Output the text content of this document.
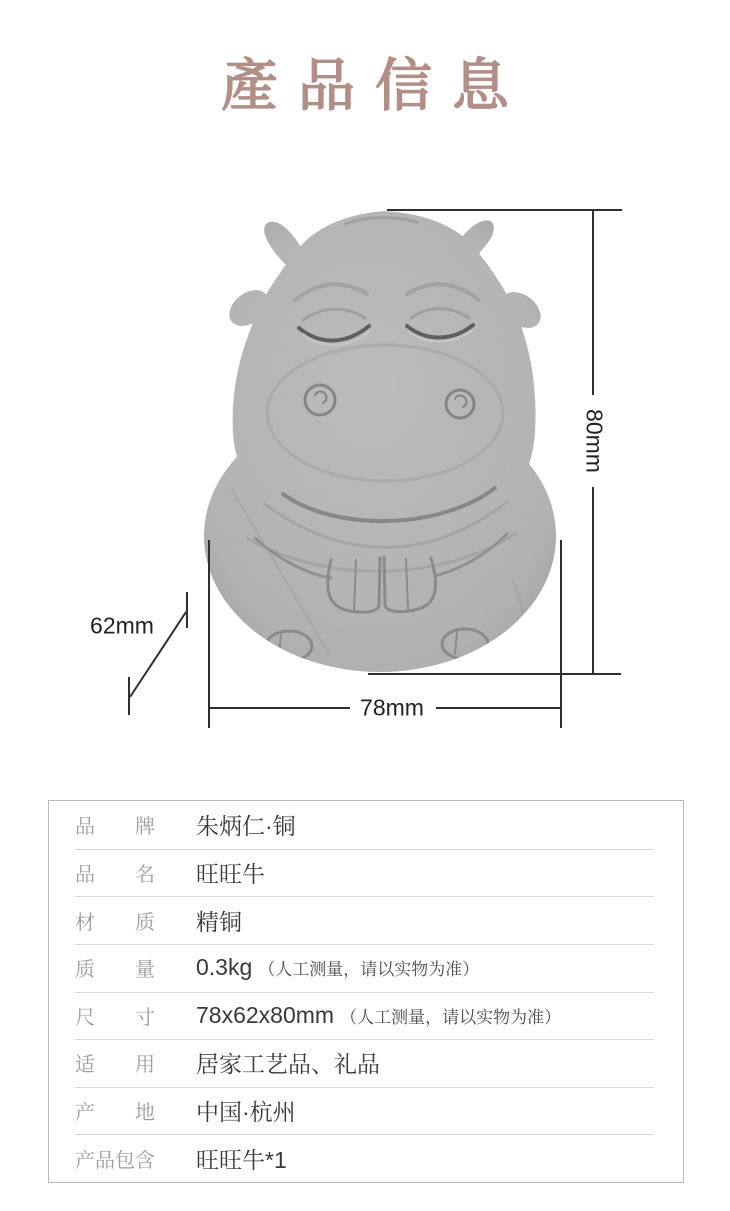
產品信息
80mm
78mm
62mm
品牌 朱炳仁·铜
品名 旺旺牛
材质 精铜
质量 0.3kg （人工测量，请以实物为准）
尺寸 78x62x80mm （人工测量，请以实物为准）
适用 居家工艺品、礼品
产地 中国·杭州
产品包含 旺旺牛*1
